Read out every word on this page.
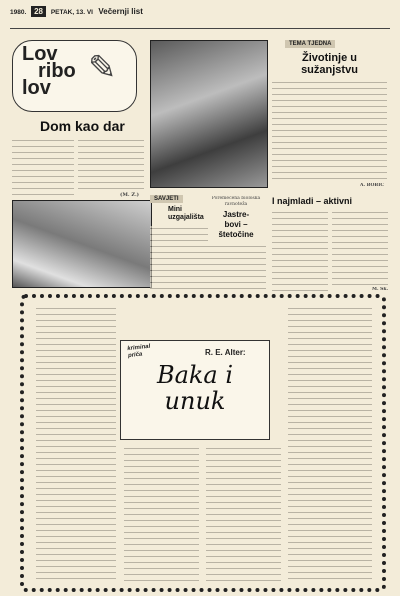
1980. 28 PETAK, 13. VI Večernji list
Lov
ribo
lov	✎
Dom kao dar
(M. Z.)
TEMA TJEDNA
Životinje u
sužanjstvu
A. BOBIĆ
SAVJETI
Mini
uzgajališta
Poremećena biološka
ravnoteža
Jastre-
bovi –
štetočine
I najmladi – aktivni
M. Sk.
kriminal
priča	R. E. Alter:
Baka i
unuk
